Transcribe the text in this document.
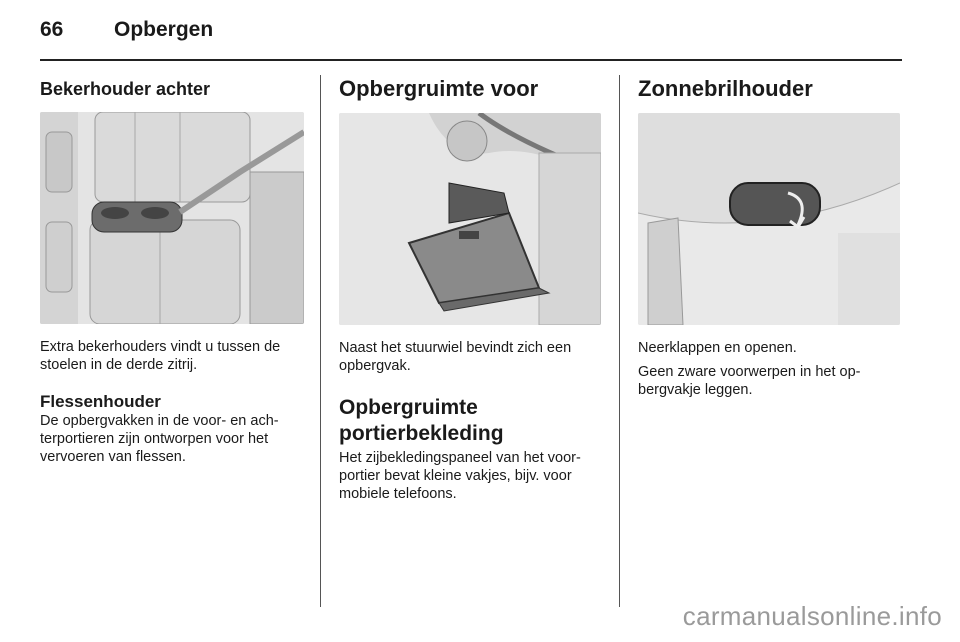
66 Opbergen
Bekerhouder achter

Extra bekerhouders vindt u tussen de stoelen in de derde zitrij.

Flessenhouder

De opbergvakken in de voor- en achterportieren zijn ontworpen voor het vervoeren van flessen.

Opbergruimte voor

Naast het stuurwiel bevindt zich een opbergvak.

Opbergruimte portierbekleding

Het zijbekledingspaneel van het voorportier bevat kleine vakjes, bijv. voor mobiele telefoons.

Zonnebrilhouder

Neerklappen en openen.

Geen zware voorwerpen in het opbergvakje leggen.

carmanualsonline.info
